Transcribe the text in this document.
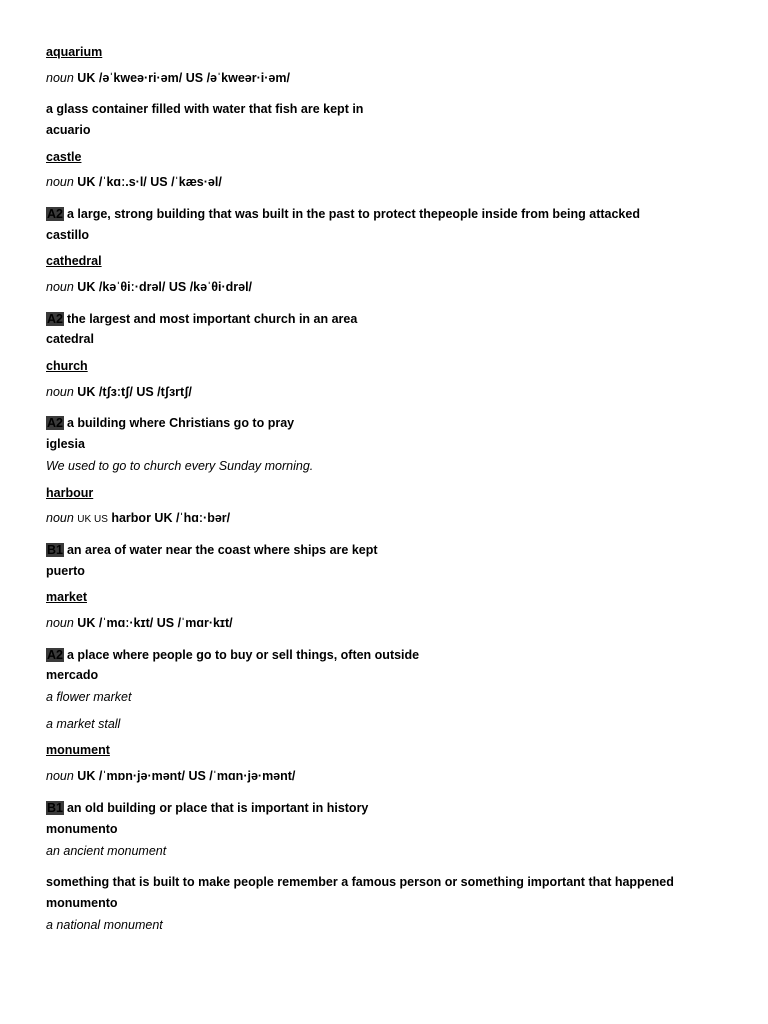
aquarium
noun UK /əˈkweə·ri·əm/ US /əˈkweər·i·əm/
a glass container filled with water that fish are kept in
acuario
castle
noun UK /ˈkɑː.s·l/ US /ˈkæs·əl/
A2 a large, strong building that was built in the past to protect thepeople inside from being attacked
castillo
cathedral
noun UK /kəˈθiː·drəl/ US /kəˈθi·drəl/
A2 the largest and most important church in an area
catedral
church
noun UK /tʃɜːtʃ/ US /tʃɜrtʃ/
A2 a building where Christians go to pray
iglesia
We used to go to church every Sunday morning.
harbour
noun UK US harbor UK /ˈhɑː·bər/
B1 an area of water near the coast where ships are kept
puerto
market
noun UK /ˈmɑː·kɪt/ US /ˈmɑr·kɪt/
A2 a place where people go to buy or sell things, often outside
mercado
a flower market
a market stall
monument
noun UK /ˈmɒn·jə·mənt/ US /ˈmɑn·jə·mənt/
B1 an old building or place that is important in history
monumento
an ancient monument
something that is built to make people remember a famous person or something important that happened
monumento
a national monument
